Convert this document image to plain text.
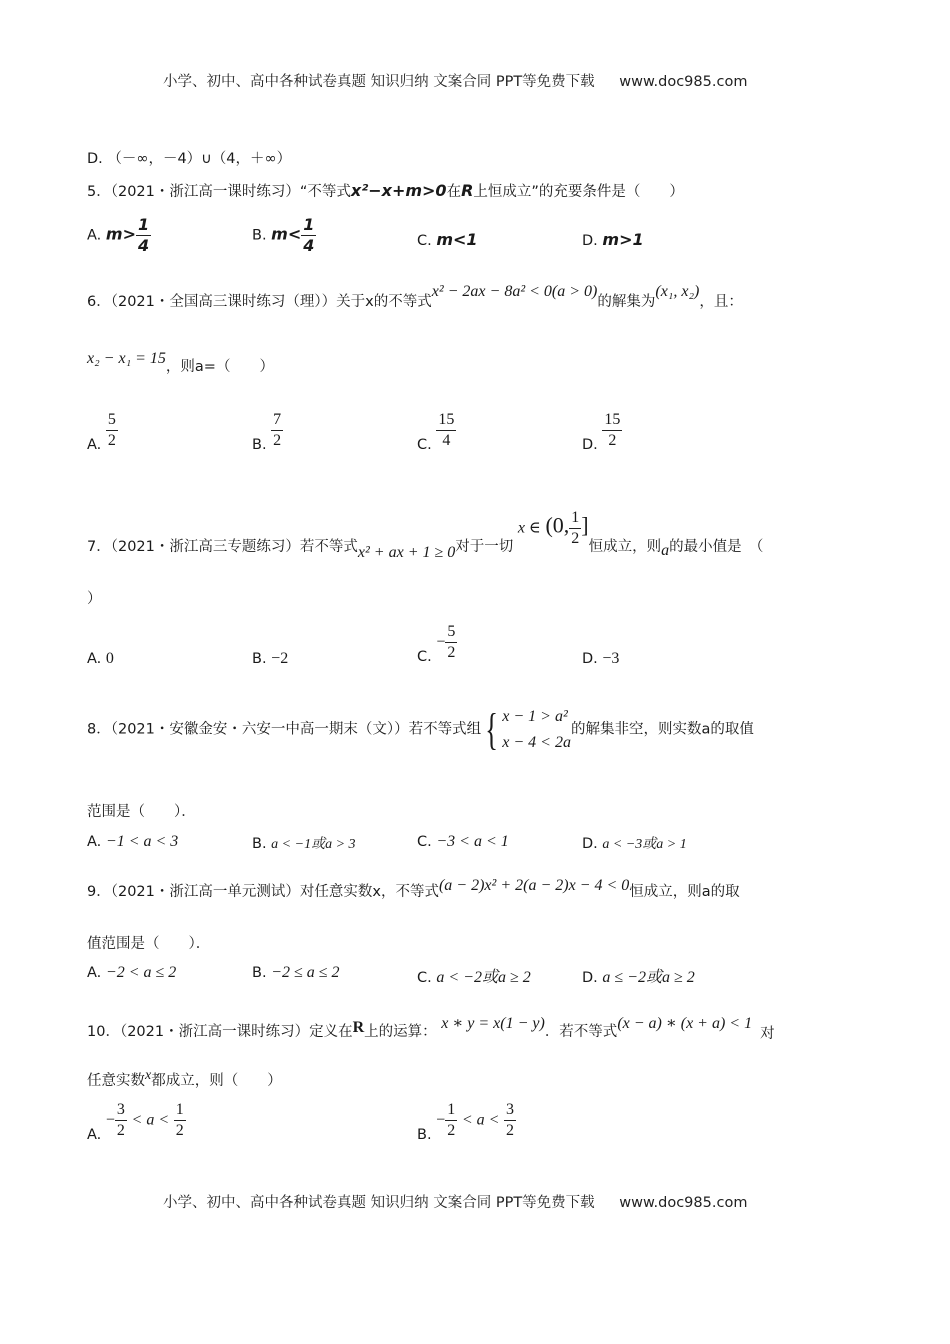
小学、初中、高中各种试卷真题 知识归纳 文案合同 PPT等免费下载 www.doc985.com
D. （－∞，－4）∪（4，＋∞）
5．（2021・浙江高一课时练习）“不等式x²−x+m>0在R上恒成立”的充要条件是（　　）
A. $m> \frac{1}{4}$	B. $m< \frac{1}{4}$	C. m<1	D. m>1
6．（2021・全国高三课时练习（理））关于x的不等式x² − 2ax − 8a² < 0(a > 0)的解集为(x₁, x₂)，且：
x₂ − x₁ = 15，则a=（　　）
A. $\frac{5}{2}$	B. $\frac{7}{2}$	C. $\frac{15}{4}$	D. $\frac{15}{2}$
7．（2021・浙江高三专题练习）若不等式x² + ax + 1 ≥ 0对于一切 x ∈ (0, $\frac{1}{2}$ ]恒成立，则a的最小值是　（
）
A. 0	B. −2	C. − $\frac{5}{2}$	D. −3
8．（2021・安徽金安・六安一中高一期末（文））若不等式组{ x − 1 > a²
x − 4 < 2a
的解集非空，则实数a的取值
范围是（　　）．
A. −1 < a < 3	B. a < −1或a > 3	C. −3 < a < 1	D. a < −3或a > 1
9．（2021・浙江高一单元测试）对任意实数x，不等式(a − 2)x² + 2(a − 2)x − 4 < 0恒成立，则a的取
值范围是（　　）．
A. −2 < a ≤ 2	B. −2 ≤ a ≤ 2	C. a < −2或a ≥ 2	D. a ≤ −2或a ≥ 2
10．（2021・浙江高一课时练习）定义在R上的运算： x ∗ y = x(1 − y)．若不等式(x − a) ∗ (x + a) < 1对
任意实数x都成立，则（　　）
A. − $\frac{3}{2} < a < \frac{1}{2}$	B. − $\frac{1}{2} < a < \frac{3}{2}$
小学、初中、高中各种试卷真题 知识归纳 文案合同 PPT等免费下载 www.doc985.com
